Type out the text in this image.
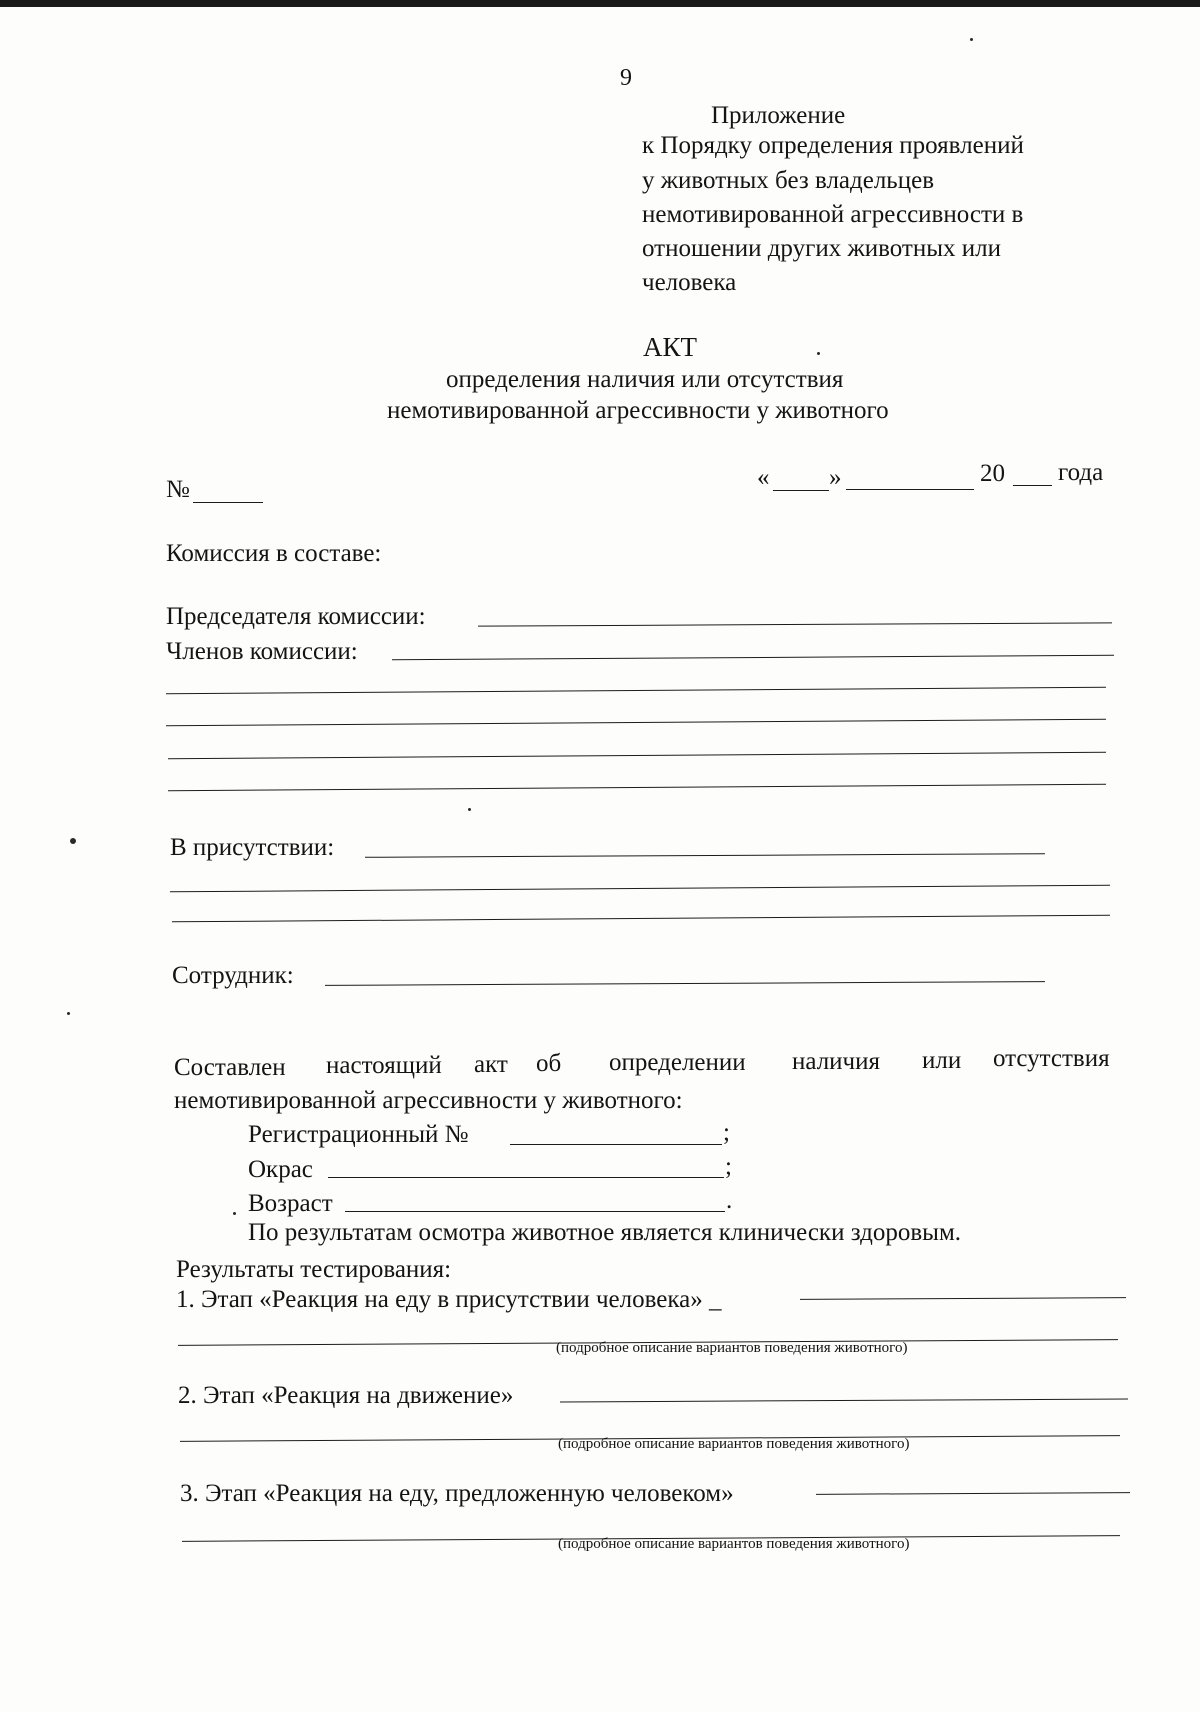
9
Приложение
к Порядку определения проявлений
у животных без владельцев
немотивированной агрессивности в
отношении других животных или
человека
АКТ
определения наличия или отсутствия
немотивированной агрессивности у животного
№	« »	20 года
Комиссия в составе:
Председателя комиссии:
Членов комиссии:
В присутствии:
Сотрудник:
Составлен настоящий акт об определении наличия или отсутствия
немотивированной агрессивности у животного:
Регистрационный №	;
Окрас	;
Возраст	.
По результатам осмотра животное является клинически здоровым.
Результаты тестирования:
1. Этап «Реакция на еду в присутствии человека» _
(подробное описание вариантов поведения животного)
2. Этап «Реакция на движение»
(подробное описание вариантов поведения животного)
3. Этап «Реакция на еду, предложенную человеком»
(подробное описание вариантов поведения животного)
